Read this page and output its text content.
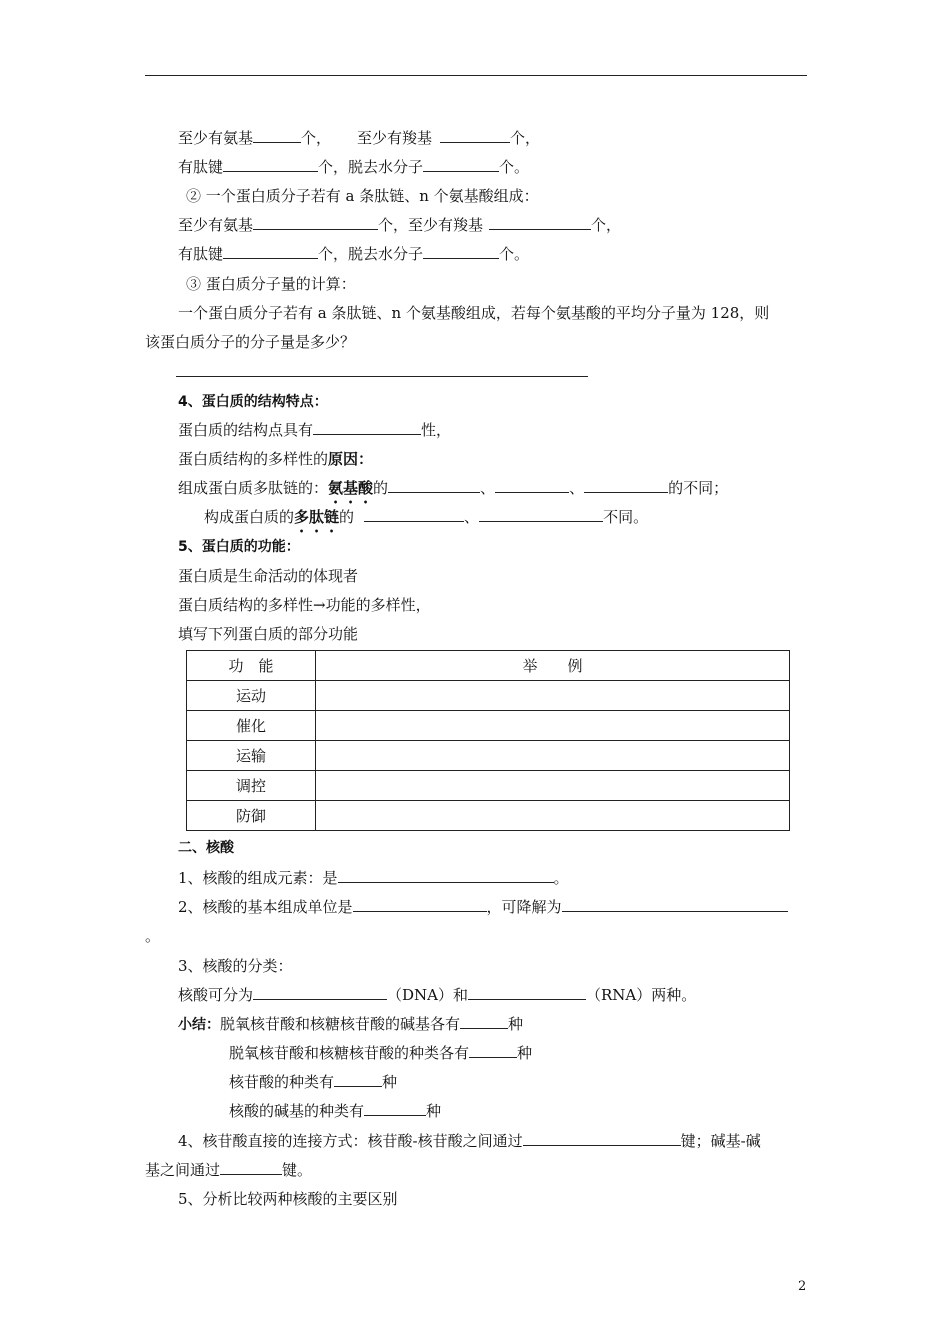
至少有氨基	个， 至少有羧基	个，
有肽键	个，脱去水分子	个。
② 一个蛋白质分子若有 a 条肽链、n 个氨基酸组成：
至少有氨基	个，至少有羧基	个，
有肽键	个，脱去水分子	个。
③ 蛋白质分子量的计算：
一个蛋白质分子若有 a 条肽链、n 个氨基酸组成，若每个氨基酸的平均分子量为 128，则
该蛋白质分子的分子量是多少？
4、蛋白质的结构特点：
蛋白质的结构点具有	性，
蛋白质结构的多样性的原因：
组成蛋白质多肽链的：氨基酸的	、	、	的不同；
构成蛋白质的多肽链的	、	不同。
5、蛋白质的功能：
蛋白质是生命活动的体现者
蛋白质结构的多样性→功能的多样性，
填写下列蛋白质的部分功能
功　能	举　　例
运动	
催化	
运输	
调控	
防御	
二、核酸
1、核酸的组成元素：是	。
2、核酸的基本组成单位是	，可降解为
。
3、核酸的分类：
核酸可分为	（DNA）和	（RNA）两种。
小结：脱氧核苷酸和核糖核苷酸的碱基各有	种
脱氧核苷酸和核糖核苷酸的种类各有	种
核苷酸的种类有	种
核酸的碱基的种类有	种
4、核苷酸直接的连接方式：核苷酸-核苷酸之间通过	键；碱基-碱
基之间通过	键。
5、分析比较两种核酸的主要区别
2
